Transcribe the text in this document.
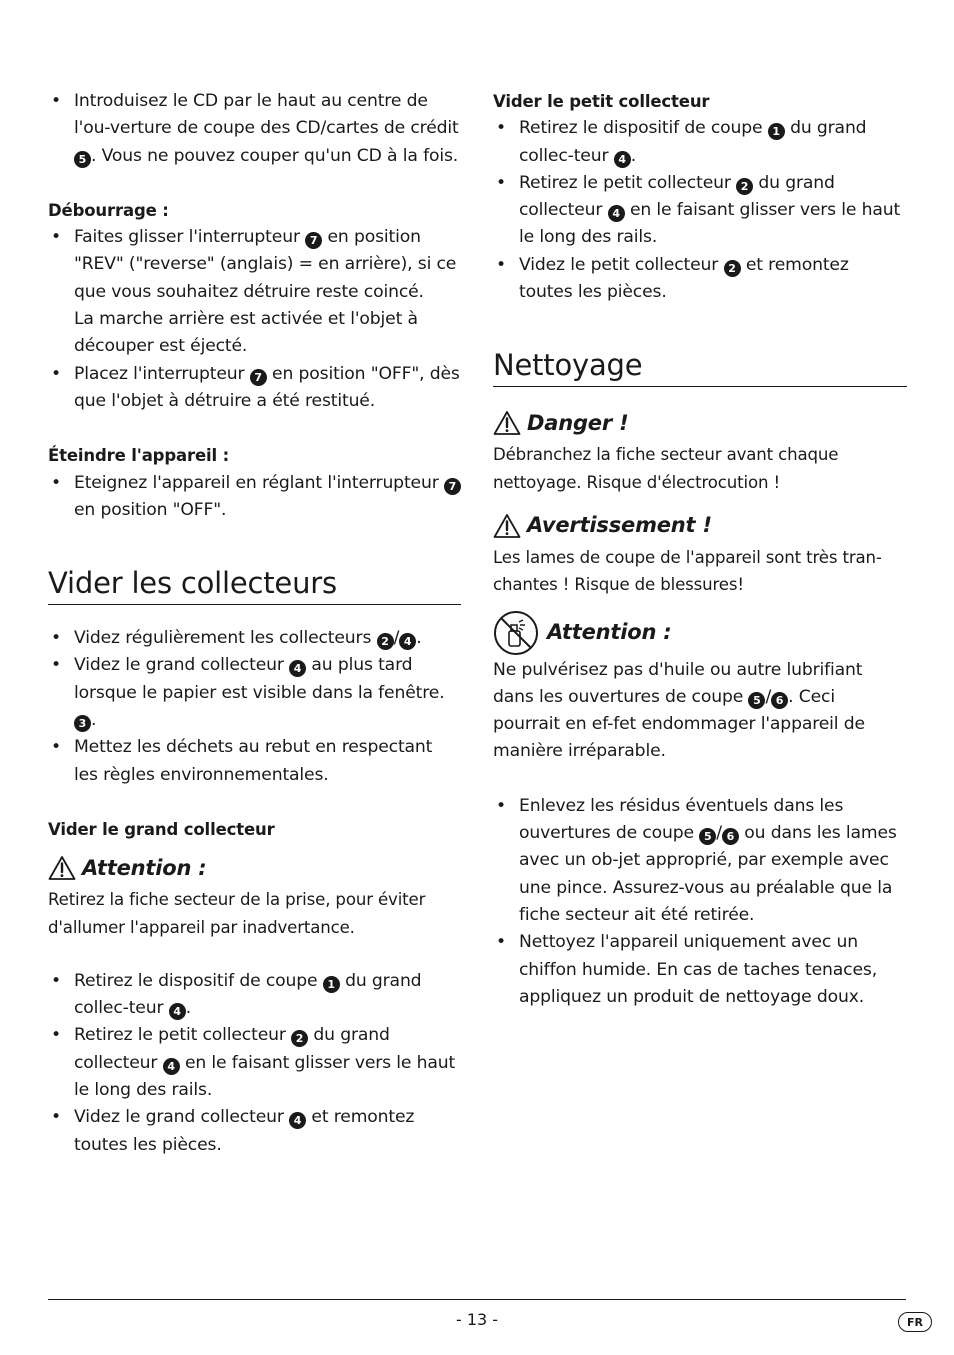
• Introduisez le CD par le haut au centre de l'ou-verture de coupe des CD/cartes de crédit 5 . Vous ne pouvez couper qu'un CD à la fois.

Débourrage :

• Faites glisser l'interrupteur 7 en position "REV" ("reverse" (anglais) = en arrière), si ce que vous souhaitez détruire reste coincé.
La marche arrière est activée et l'objet à découper est éjecté.
• Placez l'interrupteur 7 en position "OFF", dès que l'objet à détruire a été restitué.

Éteindre l'appareil :

• Eteignez l'appareil en réglant l'interrupteur 7 en position "OFF".
Vider les collecteurs
• Videz régulièrement les collecteurs 2 / 4 .
• Videz le grand collecteur 4 au plus tard lorsque le papier est visible dans la fenêtre. 3 .
• Mettez les déchets au rebut en respectant les règles environnementales.

Vider le grand collecteur

Attention :

Retirez la fiche secteur de la prise, pour éviter d'allumer l'appareil par inadvertance.

• Retirez le dispositif de coupe 1 du grand collec-teur 4 .
• Retirez le petit collecteur 2 du grand collecteur 4 en le faisant glisser vers le haut le long des rails.
• Videz le grand collecteur 4 et remontez toutes les pièces.

Vider le petit collecteur

• Retirez le dispositif de coupe 1 du grand collec-teur 4 .
• Retirez le petit collecteur 2 du grand collecteur 4 en le faisant glisser vers le haut le long des rails.
• Videz le petit collecteur 2 et remontez toutes les pièces.
Nettoyage
Danger !

Débranchez la fiche secteur avant chaque nettoyage. Risque d'électrocution !

Avertissement !

Les lames de coupe de l'appareil sont très tran-chantes ! Risque de blessures!

Attention :

Ne pulvérisez pas d'huile ou autre lubrifiant dans les ouvertures de coupe 5 / 6 . Ceci pourrait en ef-fet endommager l'appareil de manière irréparable.

• Enlevez les résidus éventuels dans les ouvertures de coupe 5 / 6 ou dans les lames avec un ob-jet approprié, par exemple avec une pince. Assurez-vous au préalable que la fiche secteur ait été retirée.
• Nettoyez l'appareil uniquement avec un chiffon humide. En cas de taches tenaces, appliquez un produit de nettoyage doux.
- 13 -	FR
